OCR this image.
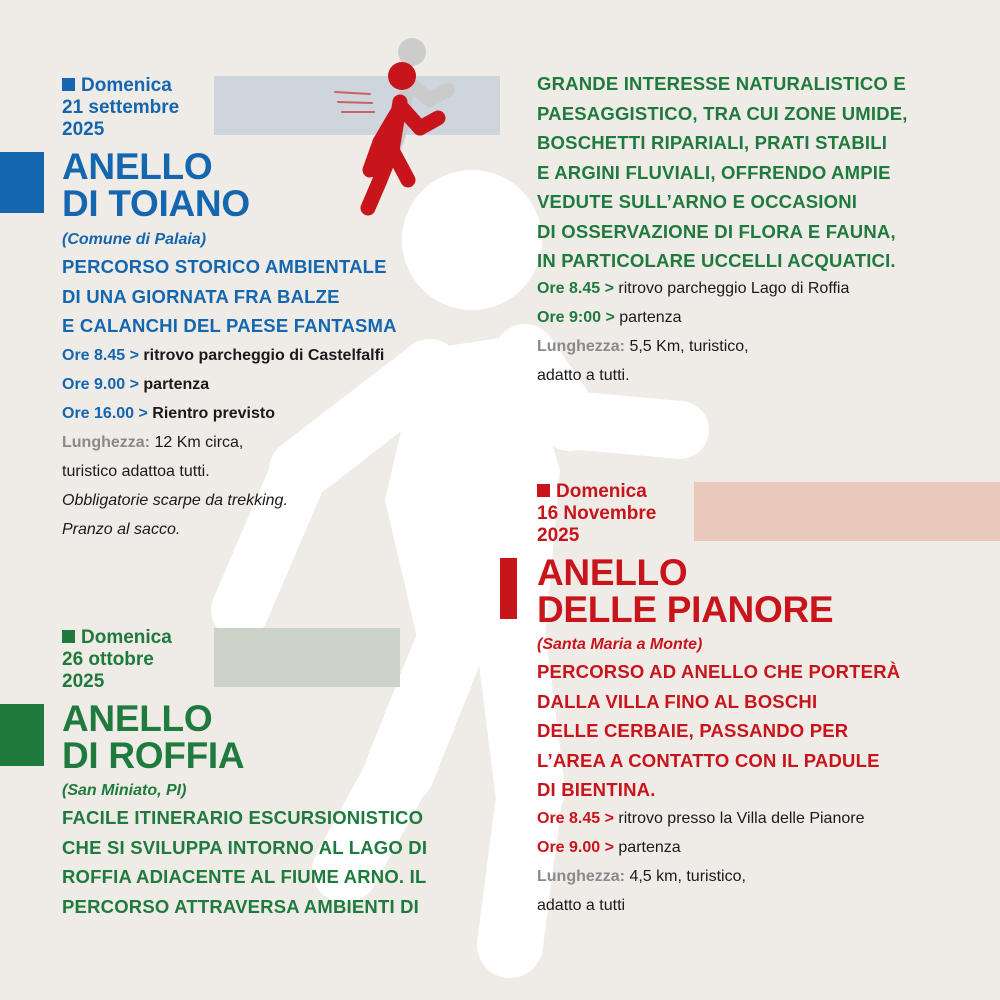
Domenica
21 settembre
2025
ANELLO
DI TOIANO
(Comune di Palaia)
PERCORSO STORICO AMBIENTALE
DI UNA GIORNATA FRA BALZE
E CALANCHI DEL PAESE FANTASMA
Ore 8.45 > ritrovo parcheggio di Castelfalfi
Ore 9.00 > partenza
Ore 16.00 > Rientro previsto
Lunghezza: 12 Km circa,
turistico adattoa tutti.
Obbligatorie scarpe da trekking.
Pranzo al sacco.
Domenica
26 ottobre
2025
ANELLO
DI ROFFIA
(San Miniato, PI)
FACILE ITINERARIO ESCURSIONISTICO
CHE SI SVILUPPA INTORNO AL LAGO DI
ROFFIA ADIACENTE AL FIUME ARNO. IL
PERCORSO ATTRAVERSA AMBIENTI DI
GRANDE INTERESSE NATURALISTICO E
PAESAGGISTICO, TRA CUI ZONE UMIDE,
BOSCHETTI RIPARIALI, PRATI STABILI
E ARGINI FLUVIALI, OFFRENDO AMPIE
VEDUTE SULL’ARNO E OCCASIONI
DI OSSERVAZIONE DI FLORA E FAUNA,
IN PARTICOLARE UCCELLI ACQUATICI.
Ore 8.45 > ritrovo parcheggio Lago di Roffia
Ore 9:00 > partenza
Lunghezza: 5,5 Km, turistico,
adatto a tutti.
Domenica
16 Novembre
2025
ANELLO
DELLE PIANORE
(Santa Maria a Monte)
PERCORSO AD ANELLO CHE PORTERÀ
DALLA VILLA FINO AL BOSCHI
DELLE CERBAIE, PASSANDO PER
L’AREA A CONTATTO CON IL PADULE
DI BIENTINA.
Ore 8.45 > ritrovo presso la Villa delle Pianore
Ore 9.00 > partenza
Lunghezza: 4,5 km, turistico,
adatto a tutti
